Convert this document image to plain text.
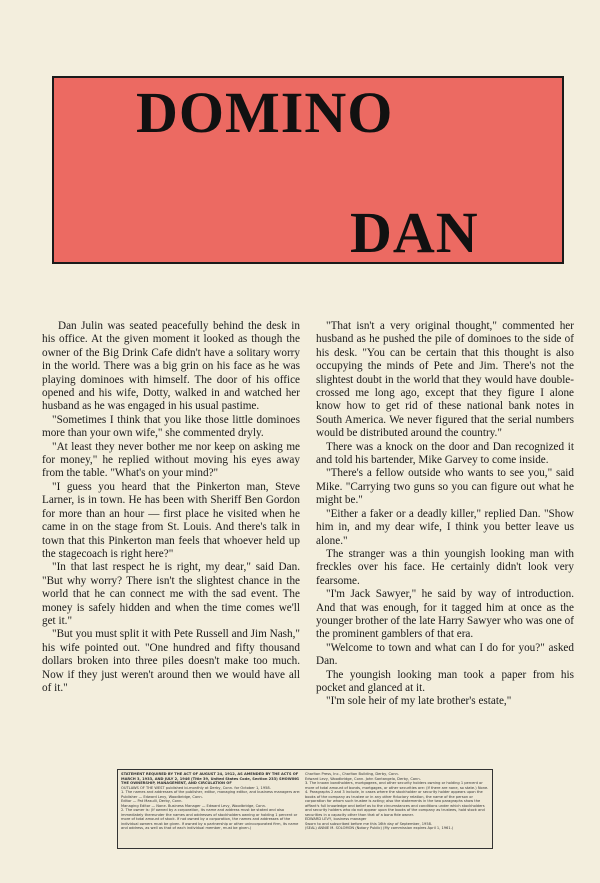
DOMINO
DAN

Dan Julin was seated peacefully behind the desk in his office. At the given moment it looked as though the owner of the Big Drink Cafe didn't have a solitary worry in the world. There was a big grin on his face as he was playing dominoes with himself. The door of his office opened and his wife, Dotty, walked in and watched her husband as he was engaged in his usual pastime.

"Sometimes I think that you like those little dominoes more than your own wife," she commented dryly.

"At least they never bother me nor keep on asking me for money," he replied without moving his eyes away from the table. "What's on your mind?"

"I guess you heard that the Pinkerton man, Steve Larner, is in town. He has been with Sheriff Ben Gordon for more than an hour — first place he visited when he came in on the stage from St. Louis. And there's talk in town that this Pinkerton man feels that whoever held up the stagecoach is right here?"

"In that last respect he is right, my dear," said Dan. "But why worry? There isn't the slightest chance in the world that he can connect me with the sad event. The money is safely hidden and when the time comes we'll get it."

"But you must split it with Pete Russell and Jim Nash," his wife pointed out. "One hundred and fifty thousand dollars broken into three piles doesn't make too much. Now if they just weren't around then we would have all of it."

"That isn't a very original thought," commented her husband as he pushed the pile of dominoes to the side of his desk. "You can be certain that this thought is also occupying the minds of Pete and Jim. There's not the slightest doubt in the world that they would have double-crossed me long ago, except that they figure I alone know how to get rid of these national bank notes in South America. We never figured that the serial numbers would be distributed around the country."

There was a knock on the door and Dan recognized it and told his bartender, Mike Garvey to come inside.

"There's a fellow outside who wants to see you," said Mike. "Carrying two guns so you can figure out what he might be."

"Either a faker or a deadly killer," replied Dan. "Show him in, and my dear wife, I think you better leave us alone."

The stranger was a thin youngish looking man with freckles over his face. He certainly didn't look very fearsome.

"I'm Jack Sawyer," he said by way of introduction. And that was enough, for it tagged him at once as the younger brother of the late Harry Sawyer who was one of the prominent gamblers of that era.

"Welcome to town and what can I do for you?" asked Dan.

The youngish looking man took a paper from his pocket and glanced at it.

"I'm sole heir of my late brother's estate,"

STATEMENT REQUIRED BY THE ACT OF AUGUST 24, 1912, AS AMENDED BY THE ACTS OF MARCH 3, 1933, AND JULY 2, 1946 (Title 39, United States Code, Section 233) SHOWING THE OWNERSHIP, MANAGEMENT, AND CIRCULATION OF
OUTLAWS OF THE WEST published bi-monthly at Derby, Conn. for October 1, 1958.
1. The names and addresses of the publisher, editor, managing editor, and business managers are:
Publisher — Edward Levy, Woodbridge, Conn.
Editor — Pat Masulli, Derby, Conn.
Managing Editor — None. Business Manager — Edward Levy, Woodbridge, Conn.
2. The owner is: (If owned by a corporation, its name and address must be stated and also immediately thereunder the names and addresses of stockholders owning or holding 1 percent or more of total amount of stock. If not owned by a corporation, the names and addresses of the individual owners must be given. If owned by a partnership or other unincorporated firm, its name and address, as well as that of each individual member, must be given.)
Charlton Press, Inc., Charlton Building, Derby, Conn.
Edward Levy, Woodbridge, Conn. John Santangelo, Derby, Conn.
3. The known bondholders, mortgagees, and other security holders owning or holding 1 percent or more of total amount of bonds, mortgages, or other securities are: (If there are none, so state.) None.
4. Paragraphs 2 and 3 include, in cases where the stockholder or security holder appears upon the books of the company as trustee or in any other fiduciary relation, the name of the person or corporation for whom such trustee is acting; also the statements in the two paragraphs show the affiant's full knowledge and belief as to the circumstances and conditions under which stockholders and security holders who do not appear upon the books of the company as trustees, hold stock and securities in a capacity other than that of a bona fide owner.
EDWARD LEVY, business manager
Sworn to and subscribed before me this 16th day of September, 1958.
(SEAL) ANNIE M. SOLOMON (Notary Public) (My commission expires April 1, 1961.)
